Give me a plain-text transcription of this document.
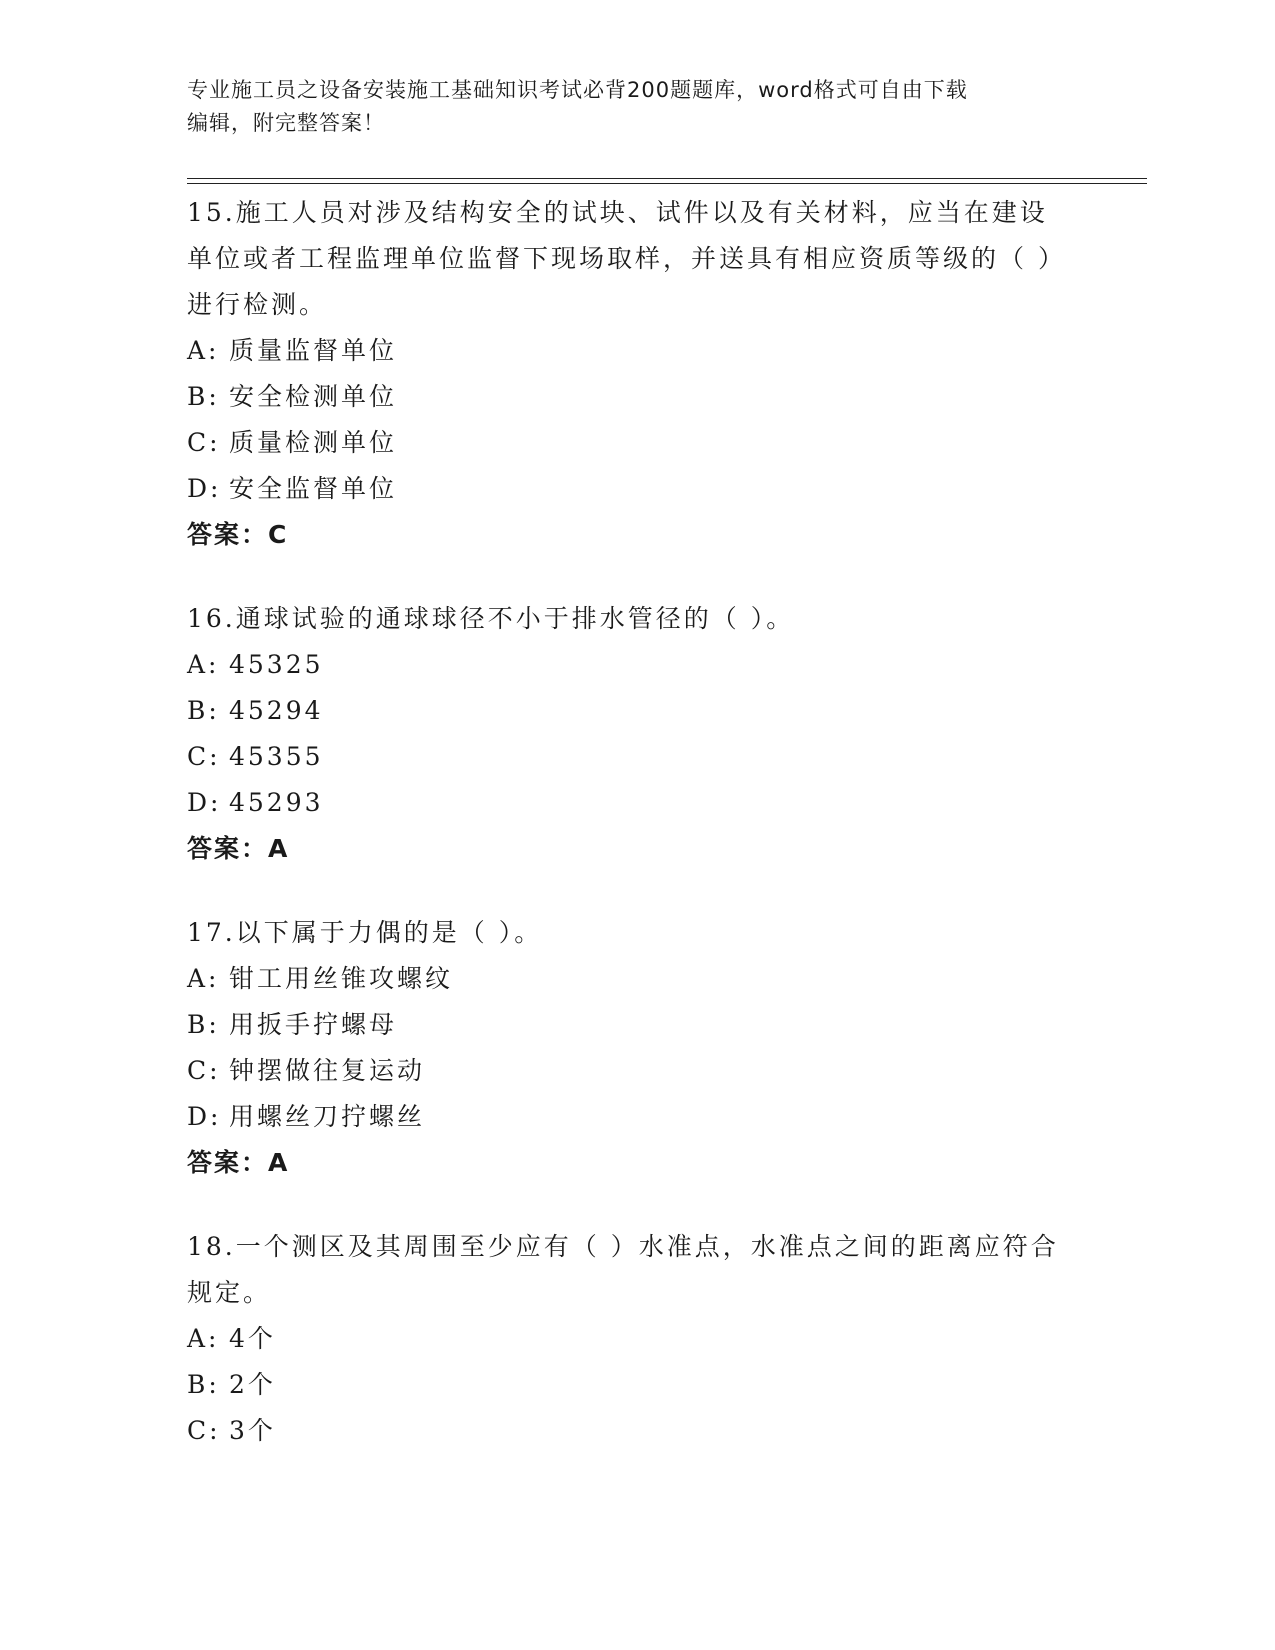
专业施工员之设备安装施工基础知识考试必背200题题库，word格式可自由下载
编辑，附完整答案！
15.施工人员对涉及结构安全的试块、试件以及有关材料，应当在建设单位或者工程监理单位监督下现场取样，并送具有相应资质等级的（ ）进行检测。
A: 质量监督单位
B: 安全检测单位
C: 质量检测单位
D: 安全监督单位
答案：C
16.通球试验的通球球径不小于排水管径的（ ）。
A: 45325
B: 45294
C: 45355
D: 45293
答案：A
17.以下属于力偶的是（ ）。
A: 钳工用丝锥攻螺纹
B: 用扳手拧螺母
C: 钟摆做往复运动
D: 用螺丝刀拧螺丝
答案：A
18.一个测区及其周围至少应有（ ）水准点，水准点之间的距离应符合规定。
A: 4个
B: 2个
C: 3个
